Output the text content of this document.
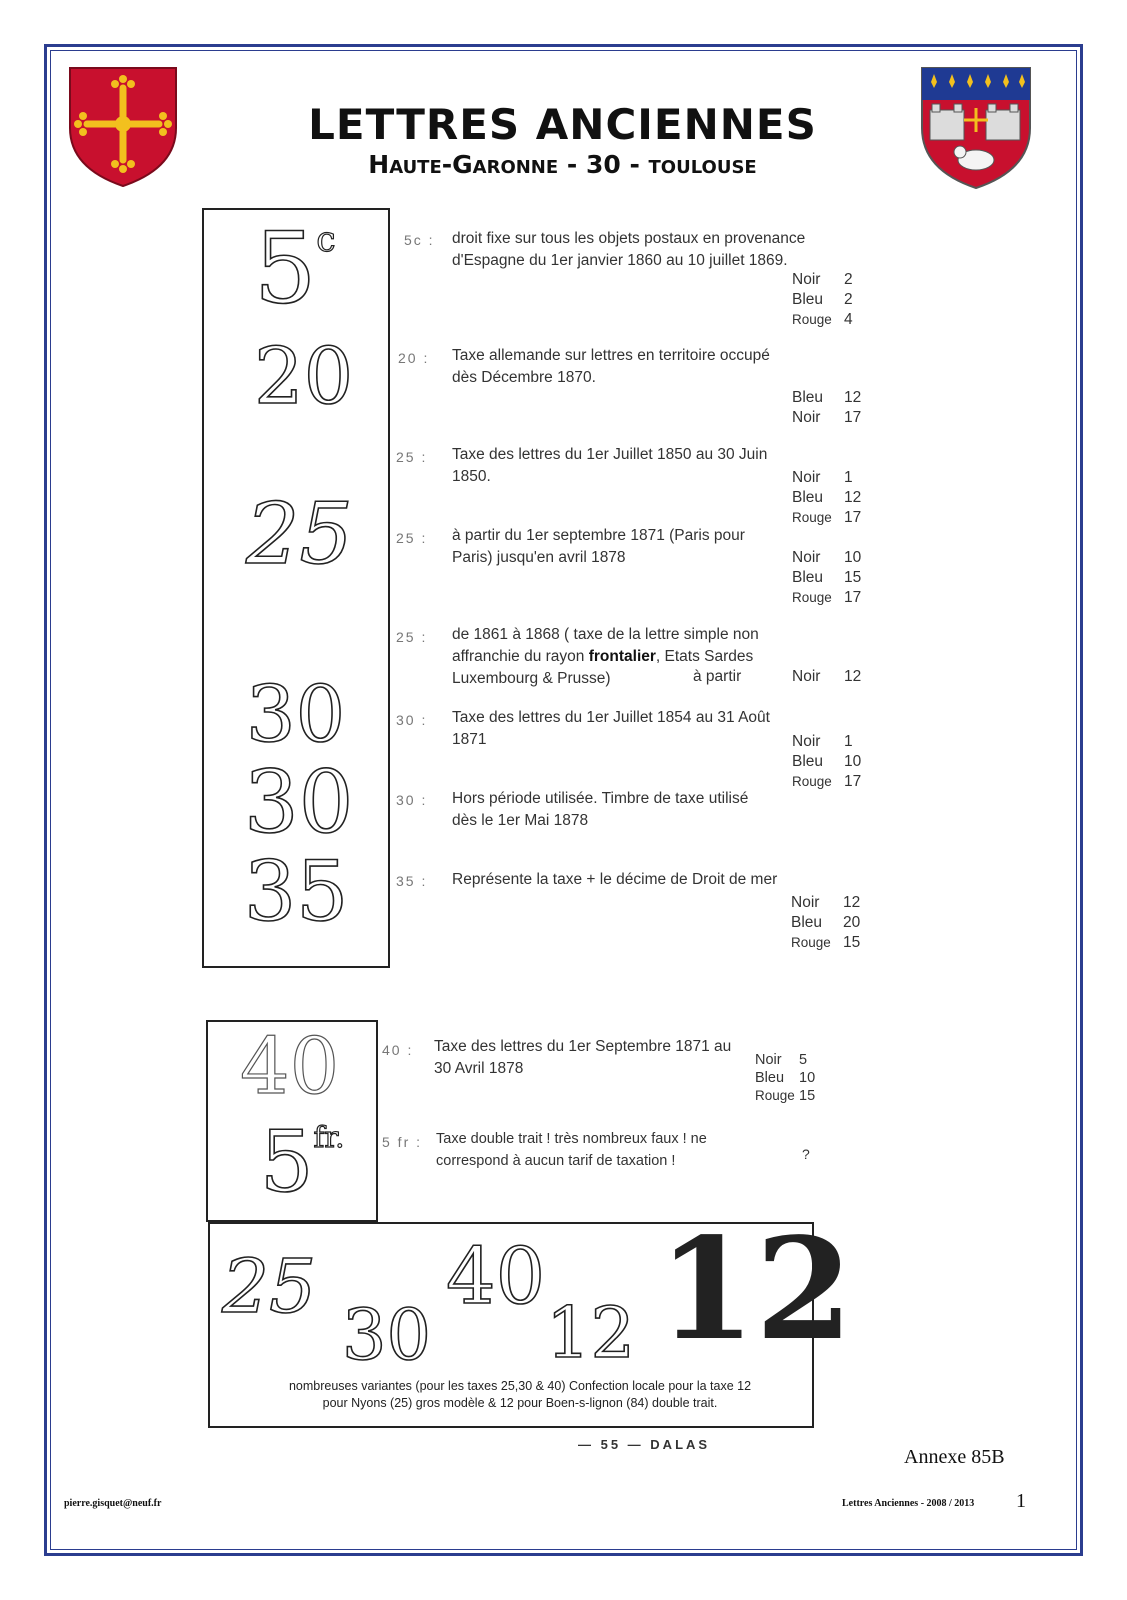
LETTRES ANCIENNES
Haute-Garonne - 30 - toulouse
5$^c$
20
25
30
30
35
40
$5^{fr.}$
25
30
40
12 12
nombreuses variantes (pour les taxes 25,30 & 40) Confection locale pour la taxe 12
pour Nyons (25) gros modèle & 12 pour Boen-s-lignon (84) double trait.
— 55 — DALAS
5c : droit fixe sur tous les objets postaux en provenance
d'Espagne du 1er janvier 1860 au 10 juillet 1869.
Noir 2
Bleu 2
Rouge 4
20 : Taxe allemande sur lettres en territoire occupé
dès Décembre 1870.
Bleu 12
Noir 17
25 : Taxe des lettres du 1er Juillet 1850 au 30 Juin
1850.	Noir 1
Bleu 12
Rouge 17
25 : à partir du 1er septembre 1871 (Paris pour
Paris) jusqu'en avril 1878	Noir 10
Bleu 15
Rouge 17
25 : de 1861 à 1868 ( taxe de la lettre simple non
affranchie du rayon frontalier, Etats Sardes
Luxembourg & Prusse)	à partir	Noir 12
30 : Taxe des lettres du 1er Juillet 1854 au 31 Août
1871	Noir 1
Bleu 10
Rouge 17
30 : Hors période utilisée. Timbre de taxe utilisé
dès le 1er Mai 1878
35 : Représente la taxe + le décime de Droit de mer
Noir 12
Bleu 20
Rouge 15
40 : Taxe des lettres du 1er Septembre 1871 au
30 Avril 1878	Noir 5
Bleu 10
Rouge 15
5 fr : Taxe double trait ! très nombreux faux ! ne
correspond à aucun tarif de taxation !	?
Annexe 85B
pierre.gisquet@neuf.fr	Lettres Anciennes - 2008 / 2013 1
